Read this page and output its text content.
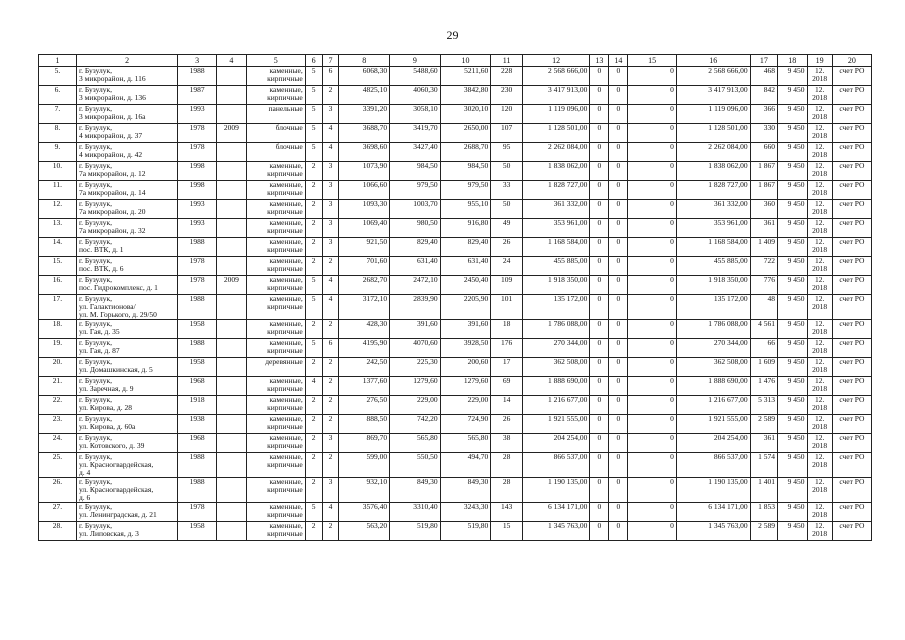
29
1	2	3	4	5	6	7	8	9	10	11	12	13	14	15	16	17	18	19	20
5.	г. Бузулук,
3 микрорайон, д. 116	1988		каменные,
кирпичные	5	6	6068,30	5488,60	5211,60	228	2 568 666,00	0	0	0	2 568 666,00	468	9 450	12.
2018	счет РО
6.	г. Бузулук,
3 микрорайон, д. 136	1987		каменные,
кирпичные	5	2	4825,10	4060,30	3842,80	230	3 417 913,00	0	0	0	3 417 913,00	842	9 450	12.
2018	счет РО
7.	г. Бузулук,
3 микрорайон, д. 16а	1993		панельные	5	3	3391,20	3058,10	3020,10	120	1 119 096,00	0	0	0	1 119 096,00	366	9 450	12.
2018	счет РО
8.	г. Бузулук,
4 микрорайон, д. 37	1978	2009	блочные	5	4	3688,70	3419,70	2650,00	107	1 128 501,00	0	0	0	1 128 501,00	330	9 450	12.
2018	счет РО
9.	г. Бузулук,
4 микрорайон, д. 42	1978		блочные	5	4	3698,60	3427,40	2688,70	95	2 262 084,00	0	0	0	2 262 084,00	660	9 450	12.
2018	счет РО
10.	г. Бузулук,
7а микрорайон, д. 12	1998		каменные,
кирпичные	2	3	1073,90	984,50	984,50	50	1 838 062,00	0	0	0	1 838 062,00	1 867	9 450	12.
2018	счет РО
11.	г. Бузулук,
7а микрорайон, д. 14	1998		каменные,
кирпичные	2	3	1066,60	979,50	979,50	33	1 828 727,00	0	0	0	1 828 727,00	1 867	9 450	12.
2018	счет РО
12.	г. Бузулук,
7а микрорайон, д. 20	1993		каменные,
кирпичные	2	3	1093,30	1003,70	955,10	50	361 332,00	0	0	0	361 332,00	360	9 450	12.
2018	счет РО
13.	г. Бузулук,
7а микрорайон, д. 32	1993		каменные,
кирпичные	2	3	1069,40	980,50	916,80	49	353 961,00	0	0	0	353 961,00	361	9 450	12.
2018	счет РО
14.	г. Бузулук,
пос. ВТК, д. 1	1988		каменные,
кирпичные	2	3	921,50	829,40	829,40	26	1 168 584,00	0	0	0	1 168 584,00	1 409	9 450	12.
2018	счет РО
15.	г. Бузулук,
пос. ВТК, д. 6	1978		каменные,
кирпичные	2	2	701,60	631,40	631,40	24	455 885,00	0	0	0	455 885,00	722	9 450	12.
2018	счет РО
16.	г. Бузулук,
пос. Гидрокомплекс, д. 1	1978	2009	каменные,
кирпичные	5	4	2682,70	2472,10	2450,40	109	1 918 350,00	0	0	0	1 918 350,00	776	9 450	12.
2018	счет РО
17.	г. Бузулук,
ул. Галактионова/
ул. М. Горького, д. 29/50	1988		каменные,
кирпичные	5	4	3172,10	2839,90	2205,90	101	135 172,00	0	0	0	135 172,00	48	9 450	12.
2018	счет РО
18.	г. Бузулук,
ул. Гая, д. 35	1958		каменные,
кирпичные	2	2	428,30	391,60	391,60	18	1 786 088,00	0	0	0	1 786 088,00	4 561	9 450	12.
2018	счет РО
19.	г. Бузулук,
ул. Гая, д. 87	1988		каменные,
кирпичные	5	6	4195,90	4070,60	3928,50	176	270 344,00	0	0	0	270 344,00	66	9 450	12.
2018	счет РО
20.	г. Бузулук,
ул. Домашкинская, д. 5	1958		деревянные	2	2	242,50	225,30	200,60	17	362 508,00	0	0	0	362 508,00	1 609	9 450	12.
2018	счет РО
21.	г. Бузулук,
ул. Заречная, д. 9	1968		каменные,
кирпичные	4	2	1377,60	1279,60	1279,60	69	1 888 690,00	0	0	0	1 888 690,00	1 476	9 450	12.
2018	счет РО
22.	г. Бузулук,
ул. Кирова, д. 28	1918		каменные,
кирпичные	2	2	276,50	229,00	229,00	14	1 216 677,00	0	0	0	1 216 677,00	5 313	9 450	12.
2018	счет РО
23.	г. Бузулук,
ул. Кирова, д. 60а	1938		каменные,
кирпичные	2	2	888,50	742,20	724,90	26	1 921 555,00	0	0	0	1 921 555,00	2 589	9 450	12.
2018	счет РО
24.	г. Бузулук,
ул. Котовского, д. 39	1968		каменные,
кирпичные	2	3	869,70	565,80	565,80	38	204 254,00	0	0	0	204 254,00	361	9 450	12.
2018	счет РО
25.	г. Бузулук,
ул. Красногвардейская,
д. 4	1988		каменные,
кирпичные	2	2	599,00	550,50	494,70	28	866 537,00	0	0	0	866 537,00	1 574	9 450	12.
2018	счет РО
26.	г. Бузулук,
ул. Красногвардейская,
д. 6	1988		каменные,
кирпичные	2	3	932,10	849,30	849,30	28	1 190 135,00	0	0	0	1 190 135,00	1 401	9 450	12.
2018	счет РО
27.	г. Бузулук,
ул. Ленинградская, д. 21	1978		каменные,
кирпичные	5	4	3576,40	3310,40	3243,30	143	6 134 171,00	0	0	0	6 134 171,00	1 853	9 450	12.
2018	счет РО
28.	г. Бузулук,
ул. Липовская, д. 3	1958		каменные,
кирпичные	2	2	563,20	519,80	519,80	15	1 345 763,00	0	0	0	1 345 763,00	2 589	9 450	12.
2018	счет РО
